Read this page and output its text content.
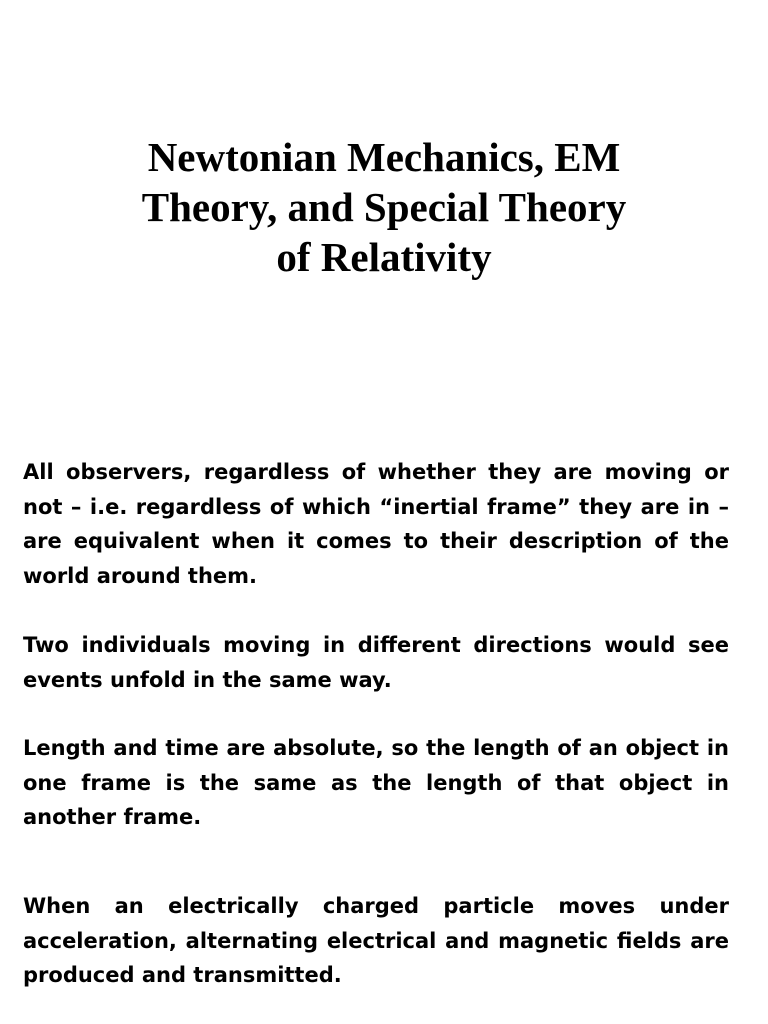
Newtonian Mechanics, EM
Theory, and Special Theory
of Relativity

All observers, regardless of whether they are moving or not – i.e. regardless of which “inertial frame” they are in – are equivalent when it comes to their description of the world around them.

Two individuals moving in different directions would see events unfold in the same way.

Length and time are absolute, so the length of an object in one frame is the same as the length of that object in another frame.

When an electrically charged particle moves under acceleration, alternating electrical and magnetic fields are produced and transmitted.
